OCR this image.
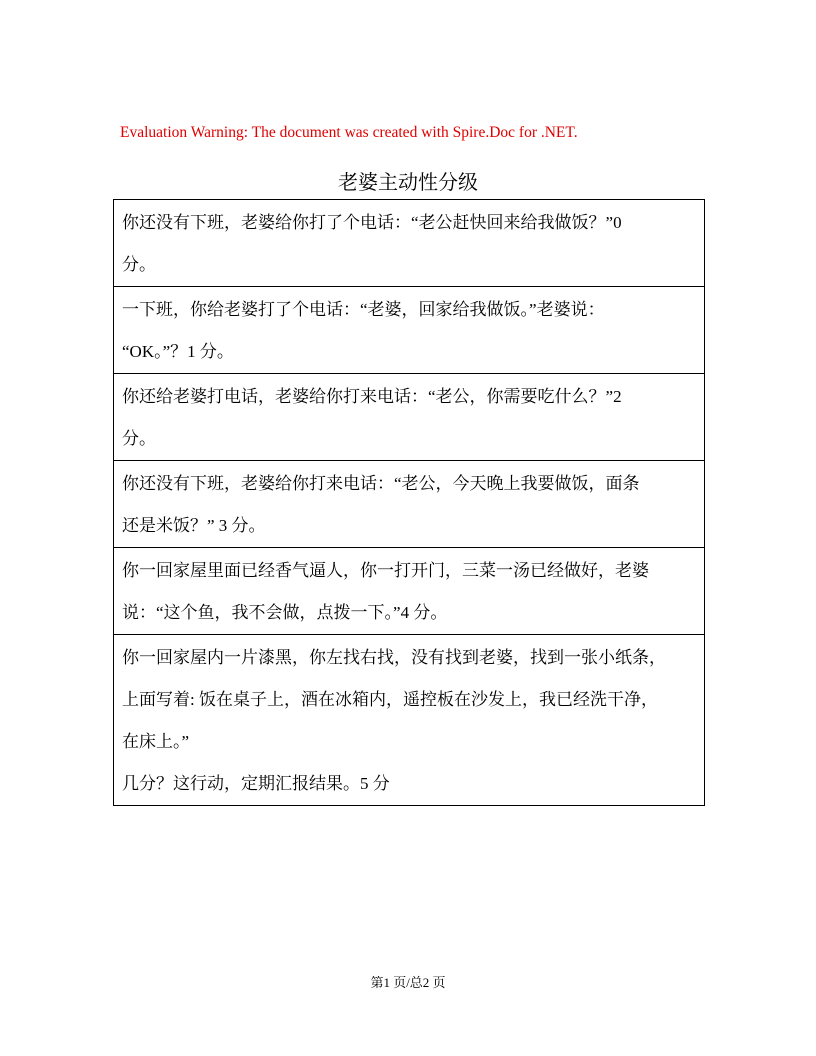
Evaluation Warning: The document was created with Spire.Doc for .NET.
老婆主动性分级
你还没有下班，老婆给你打了个电话：“老公赶快回来给我做饭？”0
分。
一下班，你给老婆打了个电话：“老婆，回家给我做饭。”老婆说：
“OK。”？1 分。
你还给老婆打电话，老婆给你打来电话：“老公，你需要吃什么？”2
分。
你还没有下班，老婆给你打来电话：“老公，今天晚上我要做饭，面条
还是米饭？” 3 分。
你一回家屋里面已经香气逼人，你一打开门，三菜一汤已经做好，老婆
说：“这个鱼，我不会做，点拨一下。”4 分。
你一回家屋内一片漆黑，你左找右找，没有找到老婆，找到一张小纸条，
上面写着: 饭在桌子上，酒在冰箱内，遥控板在沙发上，我已经洗干净，
在床上。”
几分？这行动，定期汇报结果。5 分
第1 页/总2 页
